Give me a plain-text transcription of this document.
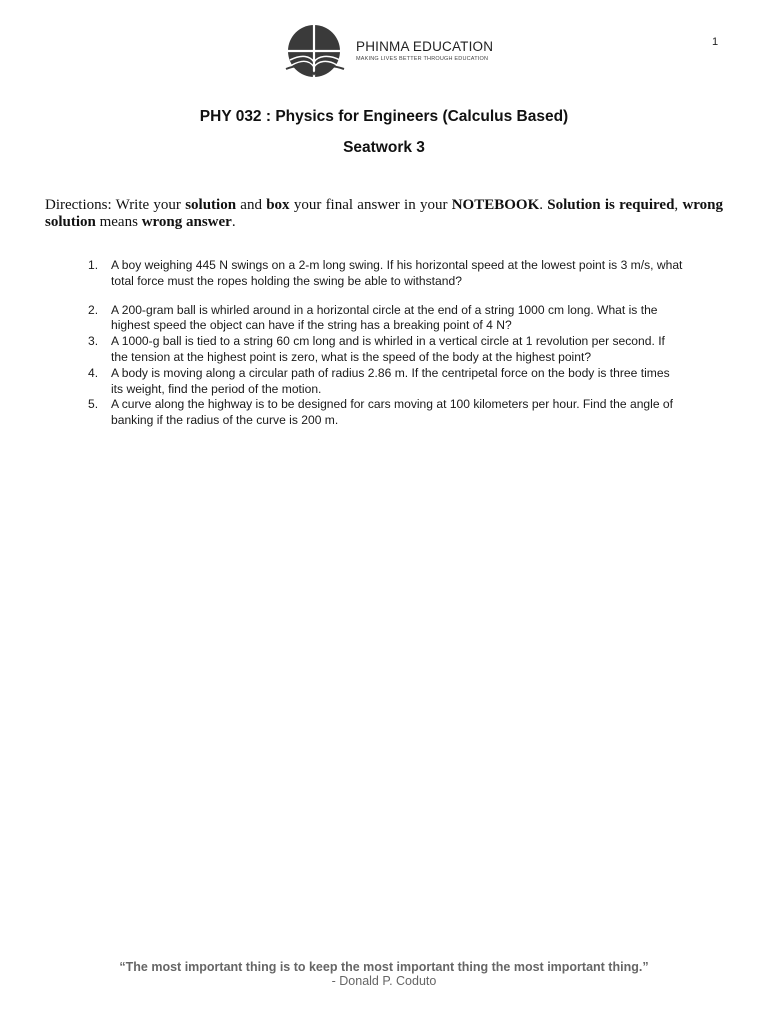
1
PHINMA EDUCATION
MAKING LIVES BETTER THROUGH EDUCATION
PHY 032 : Physics for Engineers (Calculus Based)
Seatwork 3
Directions: Write your solution and box your final answer in your NOTEBOOK. Solution is required, wrong solution means wrong answer.
1. A boy weighing 445 N swings on a 2-m long swing. If his horizontal speed at the lowest point is 3 m/s, what total force must the ropes holding the swing be able to withstand?
2. A 200-gram ball is whirled around in a horizontal circle at the end of a string 1000 cm long. What is the highest speed the object can have if the string has a breaking point of 4 N?
3. A 1000-g ball is tied to a string 60 cm long and is whirled in a vertical circle at 1 revolution per second. If the tension at the highest point is zero, what is the speed of the body at the highest point?
4. A body is moving along a circular path of radius 2.86 m. If the centripetal force on the body is three times its weight, find the period of the motion.
5. A curve along the highway is to be designed for cars moving at 100 kilometers per hour. Find the angle of banking if the radius of the curve is 200 m.
“The most important thing is to keep the most important thing the most important thing.”
- Donald P. Coduto
